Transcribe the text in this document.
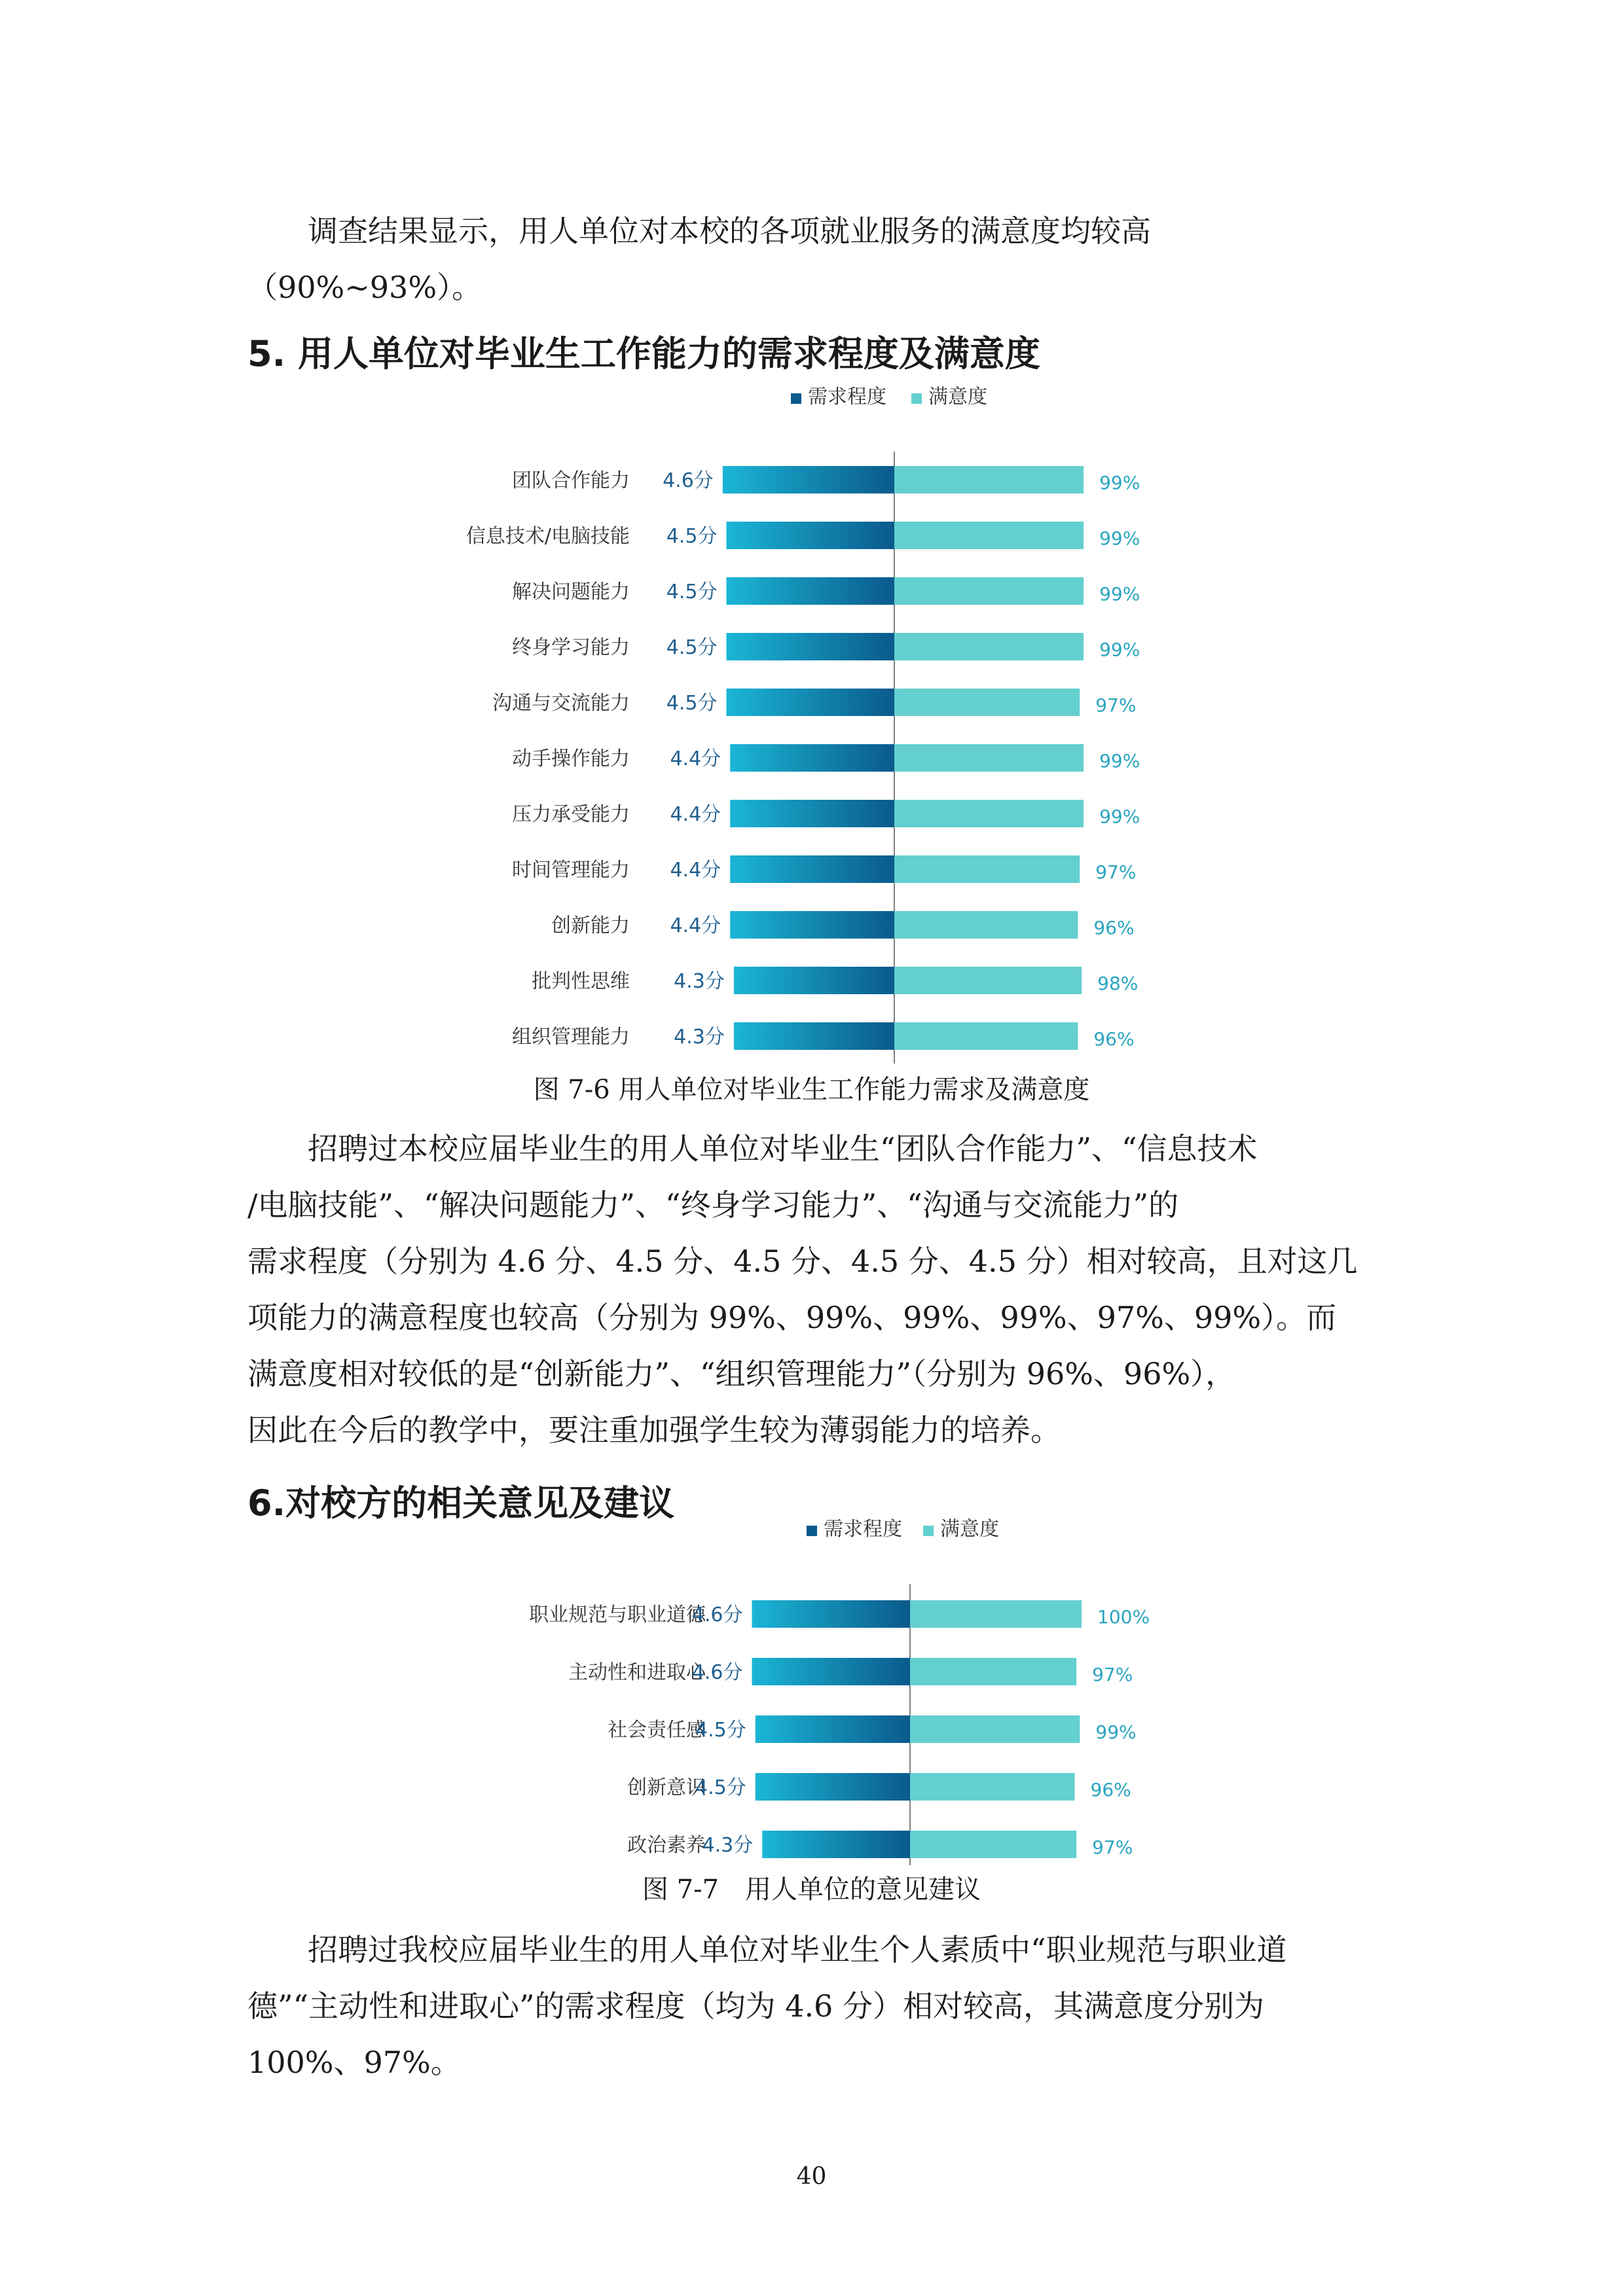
调查结果显示，用人单位对本校的各项就业服务的满意度均较高
（90%~93%）。

5. 用人单位对毕业生工作能力的需求程度及满意度
需求程度 满意度
团队合作能力 4.6分	99%
信息技术/电脑技能 4.5分	99%
解决问题能力 4.5分	99%
终身学习能力 4.5分	99%
沟通与交流能力 4.5分	97%
动手操作能力 4.4分	99%
压力承受能力 4.4分	99%
时间管理能力 4.4分	97%
创新能力 4.4分	96%
批判性思维 4.3分	98%
组织管理能力 4.3分	96%
图 7-6 用人单位对毕业生工作能力需求及满意度

招聘过本校应届毕业生的用人单位对毕业生“团队合作能力”、“信息技术
/电脑技能”、“解决问题能力”、“终身学习能力”、“沟通与交流能力”的
需求程度（分别为 4.6 分、4.5 分、4.5 分、4.5 分、4.5 分）相对较高，且对这几
项能力的满意程度也较高（分别为 99%、99%、99%、99%、97%、99%）。而
满意度相对较低的是“创新能力”、“组织管理能力”（分别为 96%、96%），
因此在今后的教学中，要注重加强学生较为薄弱能力的培养。

6.对校方的相关意见及建议
需求程度 满意度
职业规范与职业道德
4.6分	100%
主动性和进取心
4.6分	97%
社会责任感
4.5分	99%
创新意识
4.5分	96%
政治素养
4.3分	97%
图 7-7　用人单位的意见建议

招聘过我校应届毕业生的用人单位对毕业生个人素质中“职业规范与职业道
德”“主动性和进取心”的需求程度（均为 4.6 分）相对较高，其满意度分别为
100%、97%。

40
